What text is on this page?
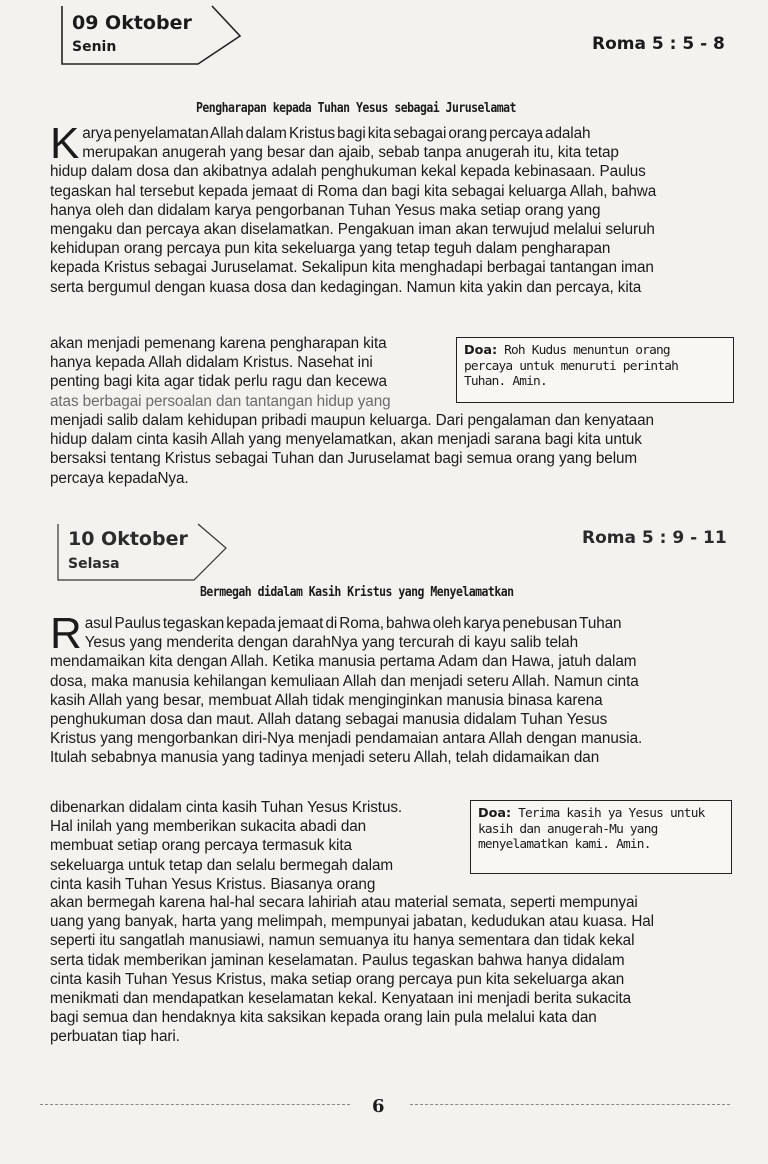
09 Oktober
Senin	Roma 5 : 5 - 8
Pengharapan kepada Tuhan Yesus sebagai Juruselamat
K arya penyelamatan Allah dalam Kristus bagi kita sebagai orang percaya adalah
merupakan anugerah yang besar dan ajaib, sebab tanpa anugerah itu, kita tetap
hidup dalam dosa dan akibatnya adalah penghukuman kekal kepada kebinasaan. Paulus
tegaskan hal tersebut kepada jemaat di Roma dan bagi kita sebagai keluarga Allah, bahwa
hanya oleh dan didalam karya pengorbanan Tuhan Yesus maka setiap orang yang
mengaku dan percaya akan diselamatkan. Pengakuan iman akan terwujud melalui seluruh
kehidupan orang percaya pun kita sekeluarga yang tetap teguh dalam pengharapan
kepada Kristus sebagai Juruselamat. Sekalipun kita menghadapi berbagai tantangan iman
serta bergumul dengan kuasa dosa dan kedagingan. Namun kita yakin dan percaya, kita
akan menjadi pemenang karena pengharapan kita
hanya kepada Allah didalam Kristus. Nasehat ini
penting bagi kita agar tidak perlu ragu dan kecewa
atas berbagai persoalan dan tantangan hidup yang
Doa: Roh Kudus menuntun orang
percaya untuk menuruti perintah
Tuhan. Amin.
menjadi salib dalam kehidupan pribadi maupun keluarga. Dari pengalaman dan kenyataan
hidup dalam cinta kasih Allah yang menyelamatkan, akan menjadi sarana bagi kita untuk
bersaksi tentang Kristus sebagai Tuhan dan Juruselamat bagi semua orang yang belum
percaya kepadaNya.
10 Oktober
Selasa
Roma 5 : 9 - 11
Bermegah didalam Kasih Kristus yang Menyelamatkan
R asul Paulus tegaskan kepada jemaat di Roma, bahwa oleh karya penebusan Tuhan
Yesus yang menderita dengan darahNya yang tercurah di kayu salib telah
mendamaikan kita dengan Allah. Ketika manusia pertama Adam dan Hawa, jatuh dalam
dosa, maka manusia kehilangan kemuliaan Allah dan menjadi seteru Allah. Namun cinta
kasih Allah yang besar, membuat Allah tidak menginginkan manusia binasa karena
penghukuman dosa dan maut. Allah datang sebagai manusia didalam Tuhan Yesus
Kristus yang mengorbankan diri-Nya menjadi pendamaian antara Allah dengan manusia.
Itulah sebabnya manusia yang tadinya menjadi seteru Allah, telah didamaikan dan
dibenarkan didalam cinta kasih Tuhan Yesus Kristus.
Hal inilah yang memberikan sukacita abadi dan
membuat setiap orang percaya termasuk kita
sekeluarga untuk tetap dan selalu bermegah dalam
cinta kasih Tuhan Yesus Kristus. Biasanya orang
Doa: Terima kasih ya Yesus untuk
kasih dan anugerah-Mu yang
menyelamatkan kami. Amin.
akan bermegah karena hal-hal secara lahiriah atau material semata, seperti mempunyai
uang yang banyak, harta yang melimpah, mempunyai jabatan, kedudukan atau kuasa. Hal
seperti itu sangatlah manusiawi, namun semuanya itu hanya sementara dan tidak kekal
serta tidak memberikan jaminan keselamatan. Paulus tegaskan bahwa hanya didalam
cinta kasih Tuhan Yesus Kristus, maka setiap orang percaya pun kita sekeluarga akan
menikmati dan mendapatkan keselamatan kekal. Kenyataan ini menjadi berita sukacita
bagi semua dan hendaknya kita saksikan kepada orang lain pula melalui kata dan
perbuatan tiap hari.
6
